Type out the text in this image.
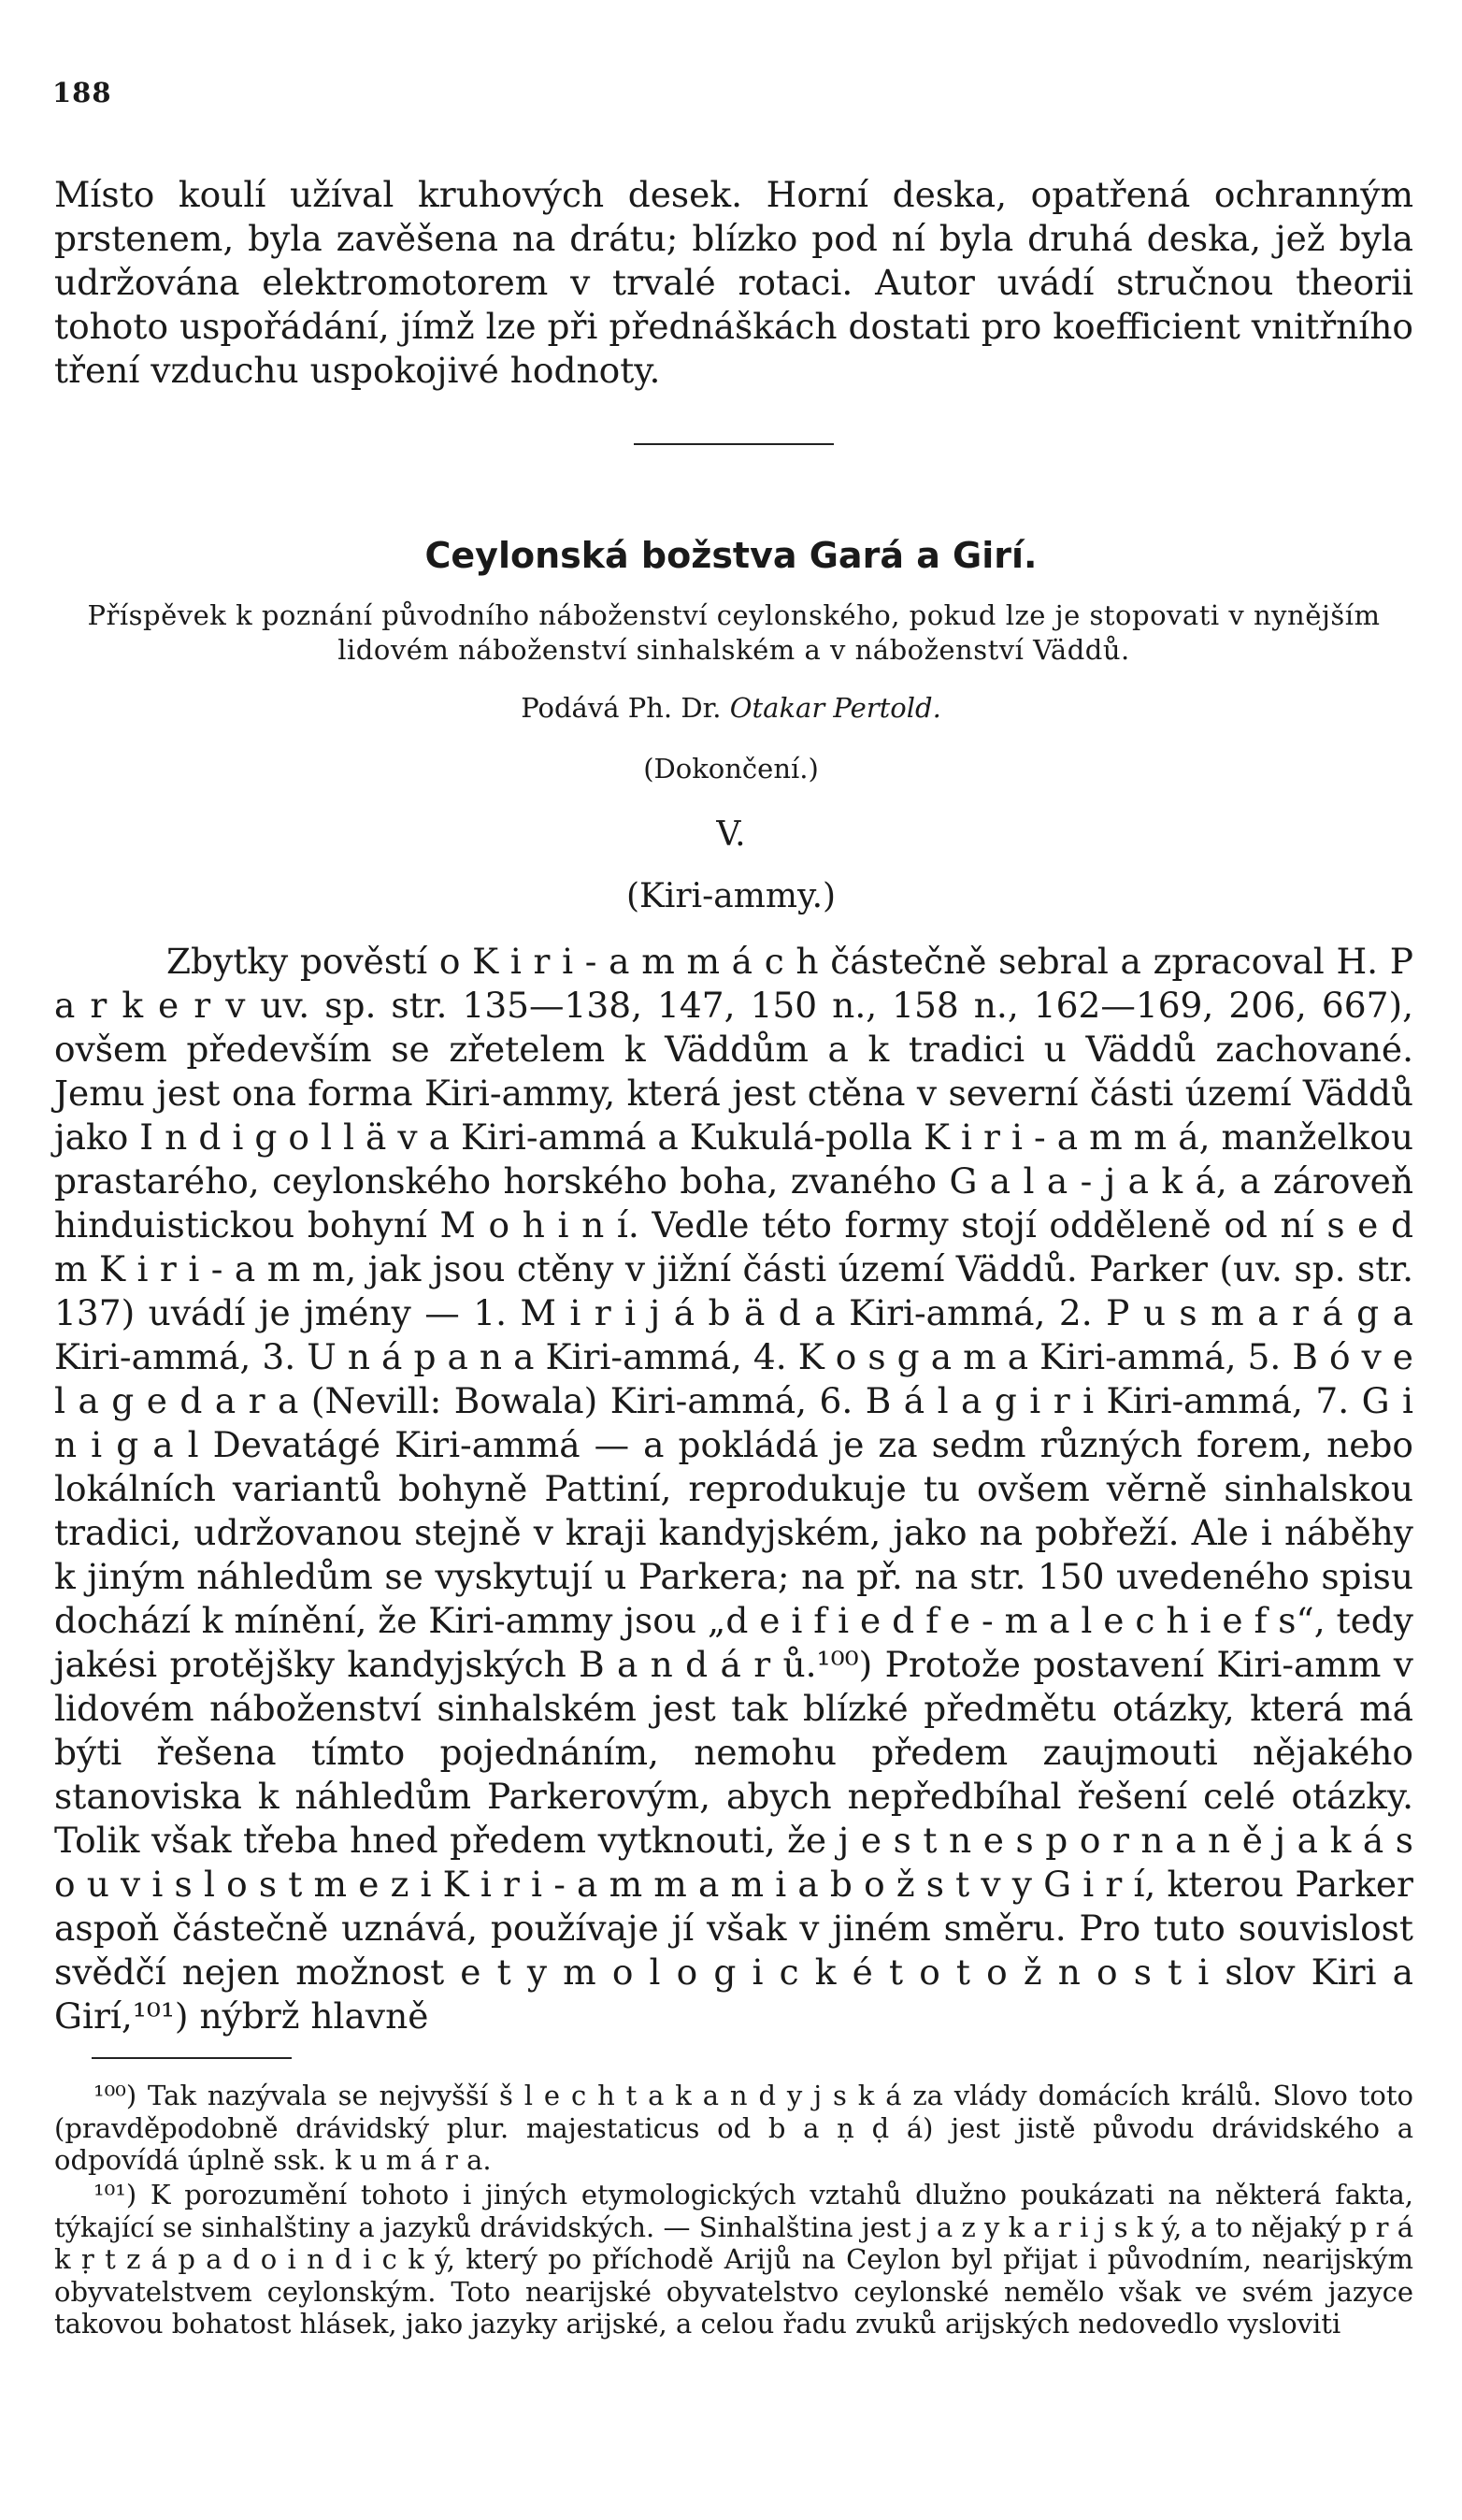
188

Místo koulí užíval kruhových desek. Horní deska, opatřená ochranným prstenem, byla zavěšena na drátu; blízko pod ní byla druhá deska, jež byla udržována elektromotorem v trvalé rotaci. Autor uvádí stručnou theorii tohoto uspořádání, jímž lze při přednáškách dostati pro koefficient vnitřního tření vzduchu uspokojivé hodnoty.

Ceylonská božstva Gará a Girí.
Příspěvek k poznání původního náboženství ceylonského, pokud lze je stopovati v nynějším lidovém náboženství sinhalském a v náboženství Väddů.
Podává Ph. Dr. Otakar Pertold.
(Dokončení.)
V.
(Kiri-ammy.)

Zbytky pověstí o K i r i - a m m á c h částečně sebral a zpracoval H. P a r k e r v uv. sp. str. 135—138, 147, 150 n., 158 n., 162—169, 206, 667), ovšem především se zřetelem k Väddům a k tradici u Väddů zachované. Jemu jest ona forma Kiri-ammy, která jest ctěna v severní části území Väddů jako I n d i g o l l ä v a Kiri-ammá a Kukulá-polla K i r i - a m m á, manželkou prastarého, ceylonského horského boha, zvaného G a l a - j a k á, a zároveň hinduistickou bohyní M o h i n í. Vedle této formy stojí odděleně od ní s e d m K i r i - a m m, jak jsou ctěny v jižní části území Väddů. Parker (uv. sp. str. 137) uvádí je jmény — 1. M i r i j á b ä d a Kiri-ammá, 2. P u s m a r á g a Kiri-ammá, 3. U n á p a n a Kiri-ammá, 4. K o s g a m a Kiri-ammá, 5. B ó v e l a g e d a r a (Nevill: Bowala) Kiri-ammá, 6. B á l a g i r i Kiri-ammá, 7. G i n i g a l Devatágé Kiri-ammá — a pokládá je za sedm různých forem, nebo lokálních variantů bohyně Pattiní, reprodukuje tu ovšem věrně sinhalskou tradici, udržovanou stejně v kraji kandyjském, jako na pobřeží. Ale i náběhy k jiným náhledům se vyskytují u Parkera; na př. na str. 150 uvedeného spisu dochází k mínění, že Kiri-ammy jsou „d e i f i e d f e - m a l e c h i e f s“, tedy jakési protějšky kandyjských B a n d á r ů.¹⁰⁰) Protože postavení Kiri-amm v lidovém náboženství sinhalském jest tak blízké předmětu otázky, která má býti řešena tímto pojednáním, nemohu předem zaujmouti nějakého stanoviska k náhledům Parkerovým, abych nepředbíhal řešení celé otázky. Tolik však třeba hned předem vytknouti, že j e s t n e s p o r n a n ě j a k á s o u v i s l o s t m e z i K i r i - a m m a m i a b o ž s t v y G i r í, kterou Parker aspoň částečně uznává, používaje jí však v jiném směru. Pro tuto souvislost svědčí nejen možnost e t y m o l o g i c k é t o t o ž n o s t i slov Kiri a Girí,¹⁰¹) nýbrž hlavně

¹⁰⁰) Tak nazývala se nejvyšší š l e c h t a k a n d y j s k á za vlády domácích králů. Slovo toto (pravděpodobně drávidský plur. majestaticus od b a ṇ ḍ á) jest jistě původu drávidského a odpovídá úplně ssk. k u m á r a.

¹⁰¹) K porozumění tohoto i jiných etymologických vztahů dlužno poukázati na některá fakta, týkající se sinhalštiny a jazyků drávidských. — Sinhalština jest j a z y k a r i j s k ý, a to nějaký p r á k ṛ t z á p a d o i n d i c k ý, který po příchodě Arijů na Ceylon byl přijat i původním, nearijským obyvatelstvem ceylonským. Toto nearijské obyvatelstvo ceylonské nemělo však ve svém jazyce takovou bohatost hlásek, jako jazyky arijské, a celou řadu zvuků arijských nedovedlo vysloviti
